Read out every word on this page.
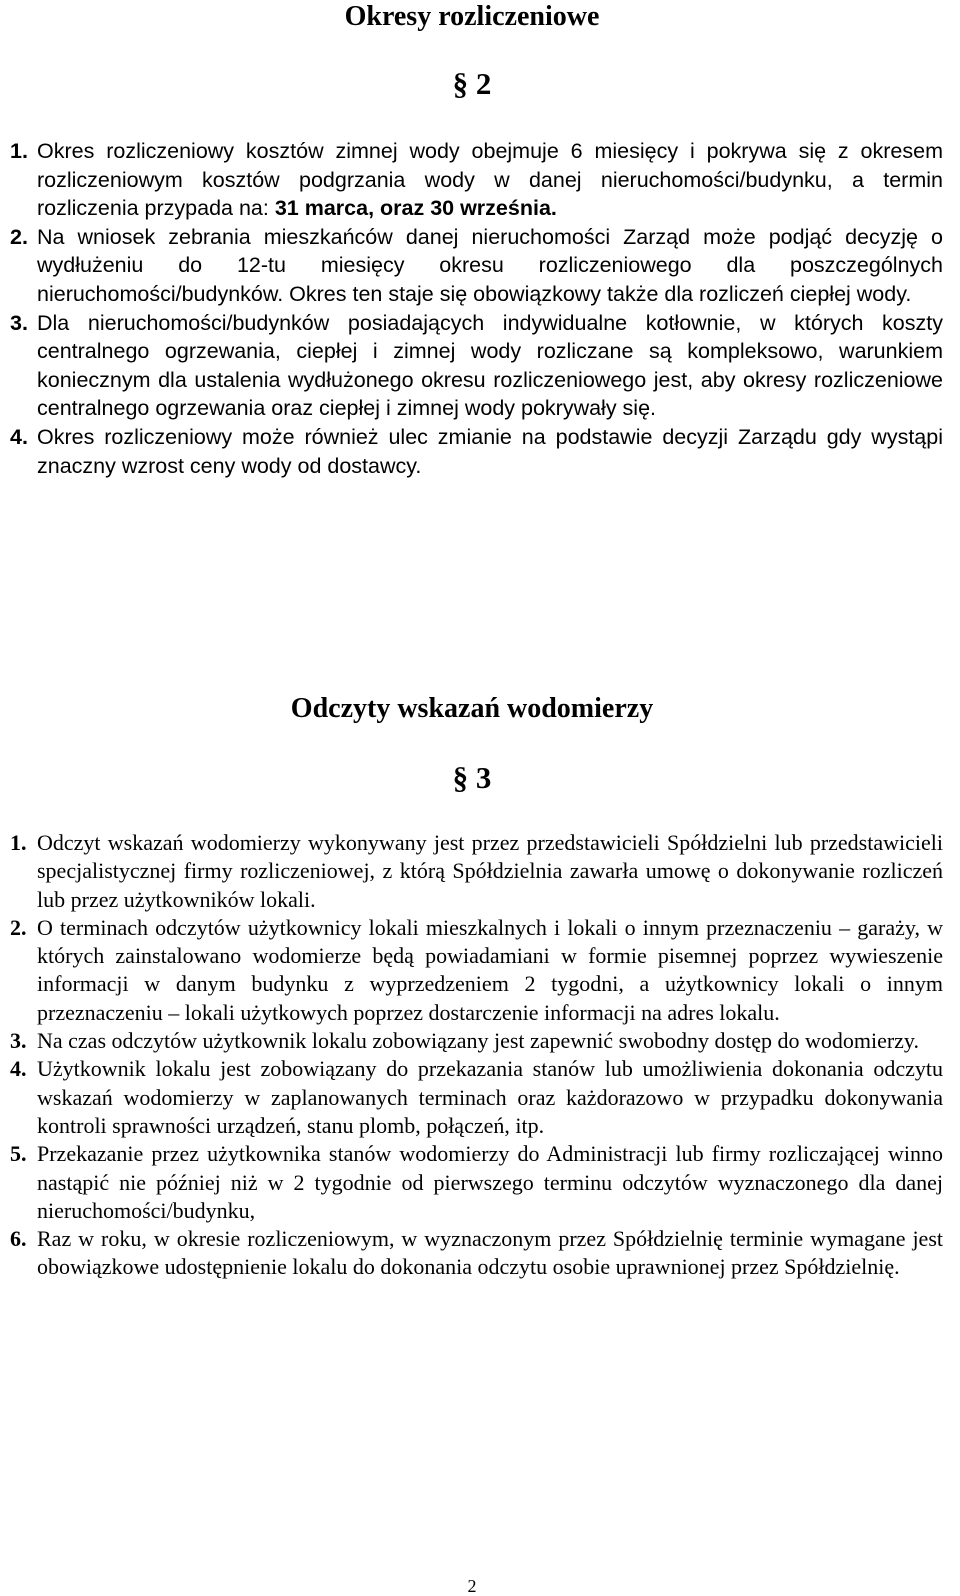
Okresy rozliczeniowe
§ 2
1. Okres rozliczeniowy kosztów zimnej wody obejmuje 6 miesięcy i pokrywa się z okresem rozliczeniowym kosztów podgrzania wody w danej nieruchomości/budynku, a termin rozliczenia przypada na: 31 marca, oraz 30 września.
2. Na wniosek zebrania mieszkańców danej nieruchomości Zarząd może podjąć decyzję o wydłużeniu do 12-tu miesięcy okresu rozliczeniowego dla poszczególnych nieruchomości/budynków. Okres ten staje się obowiązkowy także dla rozliczeń ciepłej wody.
3. Dla nieruchomości/budynków posiadających indywidualne kotłownie, w których koszty centralnego ogrzewania, ciepłej i zimnej wody rozliczane są kompleksowo, warunkiem koniecznym dla ustalenia wydłużonego okresu rozliczeniowego jest, aby okresy rozliczeniowe centralnego ogrzewania oraz ciepłej i zimnej wody pokrywały się.
4. Okres rozliczeniowy może również ulec zmianie na podstawie decyzji Zarządu gdy wystąpi znaczny wzrost ceny wody od dostawcy.
Odczyty wskazań wodomierzy
§ 3
1. Odczyt wskazań wodomierzy wykonywany jest przez przedstawicieli Spółdzielni lub przedstawicieli specjalistycznej firmy rozliczeniowej, z którą Spółdzielnia zawarła umowę o dokonywanie rozliczeń lub przez użytkowników lokali.
2. O terminach odczytów użytkownicy lokali mieszkalnych i lokali o innym przeznaczeniu – garaży, w których zainstalowano wodomierze będą powiadamiani w formie pisemnej poprzez wywieszenie informacji w danym budynku z wyprzedzeniem 2 tygodni, a użytkownicy lokali o innym przeznaczeniu – lokali użytkowych poprzez dostarczenie informacji na adres lokalu.
3. Na czas odczytów użytkownik lokalu zobowiązany jest zapewnić swobodny dostęp do wodomierzy.
4. Użytkownik lokalu jest zobowiązany do przekazania stanów lub umożliwienia dokonania odczytu wskazań wodomierzy w zaplanowanych terminach oraz każdorazowo w przypadku dokonywania kontroli sprawności urządzeń, stanu plomb, połączeń, itp.
5. Przekazanie przez użytkownika stanów wodomierzy do Administracji lub firmy rozliczającej winno nastąpić nie później niż w 2 tygodnie od pierwszego terminu odczytów wyznaczonego dla danej nieruchomości/budynku,
6. Raz w roku, w okresie rozliczeniowym, w wyznaczonym przez Spółdzielnię terminie wymagane jest obowiązkowe udostępnienie lokalu do dokonania odczytu osobie uprawnionej przez Spółdzielnię.
2
